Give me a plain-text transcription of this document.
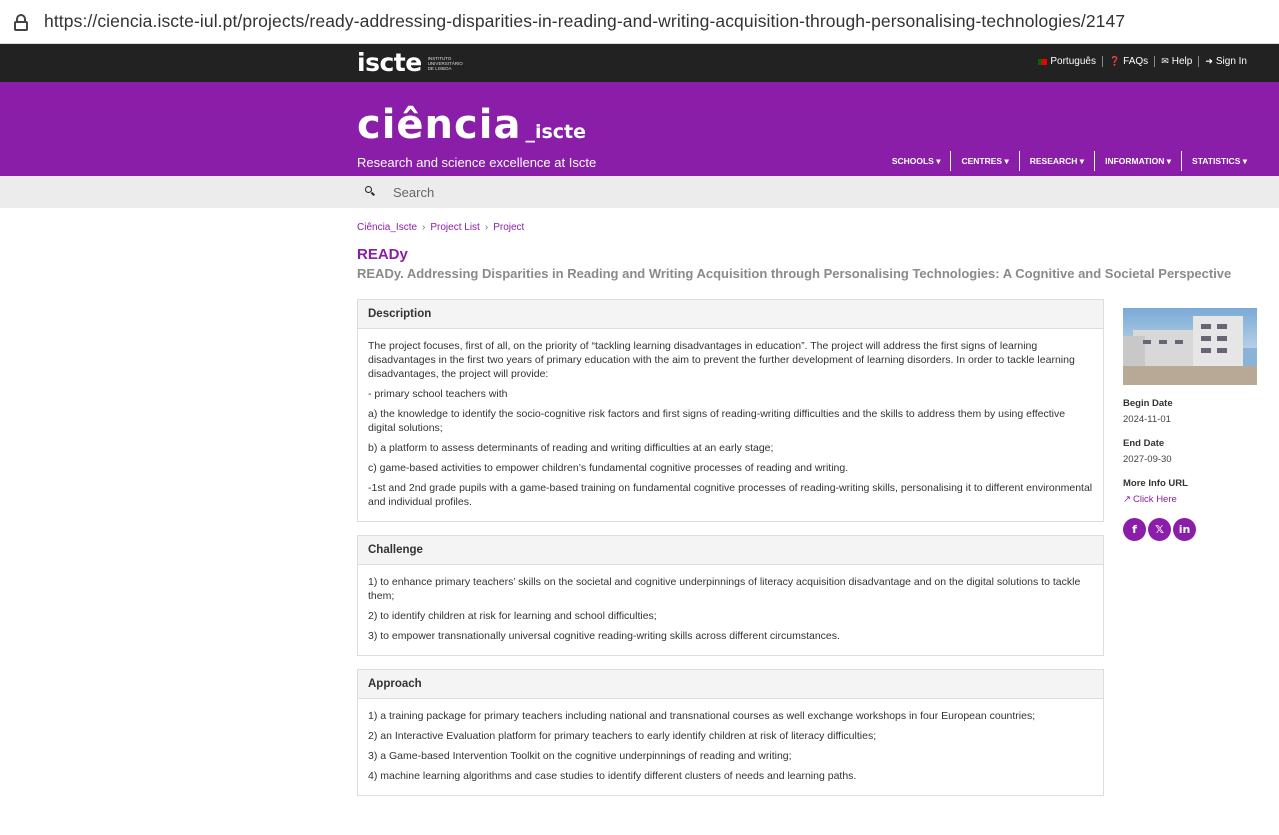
https://ciencia.iscte-iul.pt/projects/ready-addressing-disparities-in-reading-and-writing-acquisition-through-personalising-technologies/2147
iscte INSTITUTO UNIVERSITÁRIO DE LISBOA
Português ❓ FAQs ✉ Help ➜ Sign In
ciência _iscte
Research and science excellence at Iscte	SCHOOLS ▾	CENTRES ▾	RESEARCH ▾	INFORMATION ▾	STATISTICS ▾
Search
Ciência_Iscte › Project List › Project
READy
READy. Addressing Disparities in Reading and Writing Acquisition through Personalising Technologies: A Cognitive and Societal Perspective
Description

The project focuses, first of all, on the priority of “tackling learning disadvantages in education”. The project will address the first signs of learning disadvantages in the first two years of primary education with the aim to prevent the further development of learning disorders. In order to tackle learning disadvantages, the project will provide:

- primary school teachers with

a) the knowledge to identify the socio-cognitive risk factors and first signs of reading-writing difficulties and the skills to address them by using effective digital solutions;

b) a platform to assess determinants of reading and writing difficulties at an early stage;

c) game-based activities to empower children’s fundamental cognitive processes of reading and writing.

-1st and 2nd grade pupils with a game-based training on fundamental cognitive processes of reading-writing skills, personalising it to different environmental and individual profiles.

Challenge

1) to enhance primary teachers’ skills on the societal and cognitive underpinnings of literacy acquisition disadvantage and on the digital solutions to tackle them;

2) to identify children at risk for learning and school difficulties;

3) to empower transnationally universal cognitive reading-writing skills across different circumstances.

Approach

1) a training package for primary teachers including national and transnational courses as well exchange workshops in four European countries;

2) an Interactive Evaluation platform for primary teachers to early identify children at risk of literacy difficulties;

3) a Game-based Intervention Toolkit on the cognitive underpinnings of reading and writing;

4) machine learning algorithms and case studies to identify different clusters of needs and learning paths.

Begin Date
2024-11-01
End Date
2027-09-30
More Info URL
↗ Click Here
f	𝕏	in
